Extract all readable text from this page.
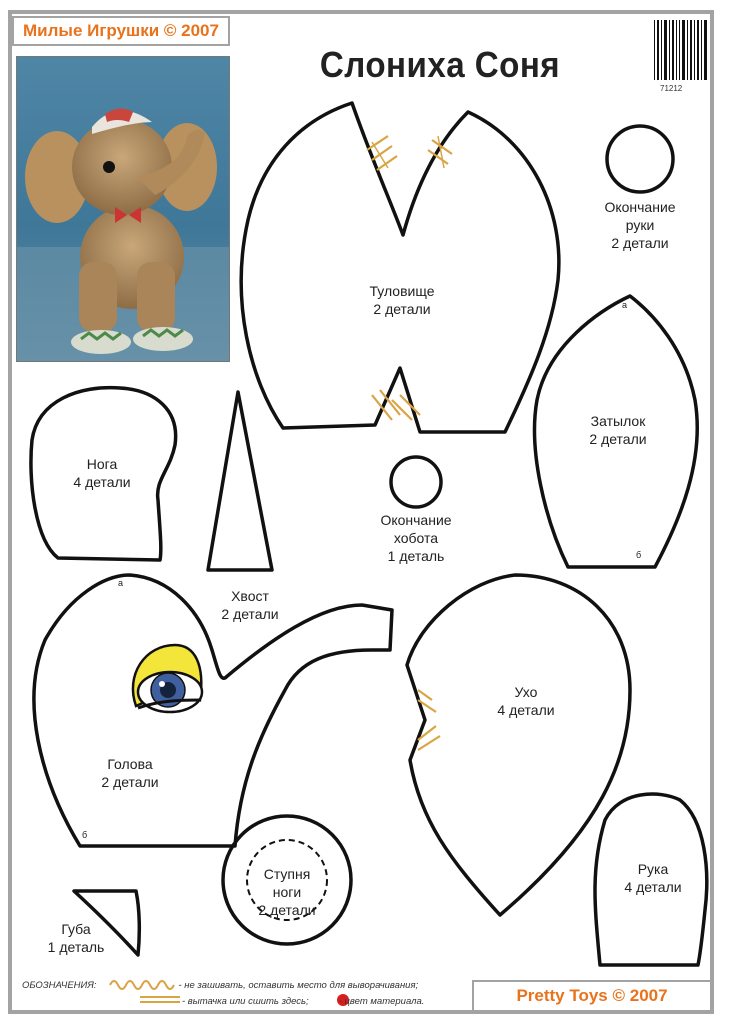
Милые Игрушки © 2007
Слониха Соня
71212
а
б
а
б
Туловище
2 детали
Окончание
руки
2 детали
Затылок
2 детали
Нога
4 детали
Хвост
2 детали
Окончание
хобота
1 деталь
Голова
2 детали
Ухо
4 детали
Ступня
ноги
2 детали
Рука
4 детали
Губа
1 деталь
ОБОЗНАЧЕНИЯ:	- не зашивать, оставить место для выворачивания;
- вытачка или сшить здесь;	- цвет материала.	Pretty Toys © 2007
